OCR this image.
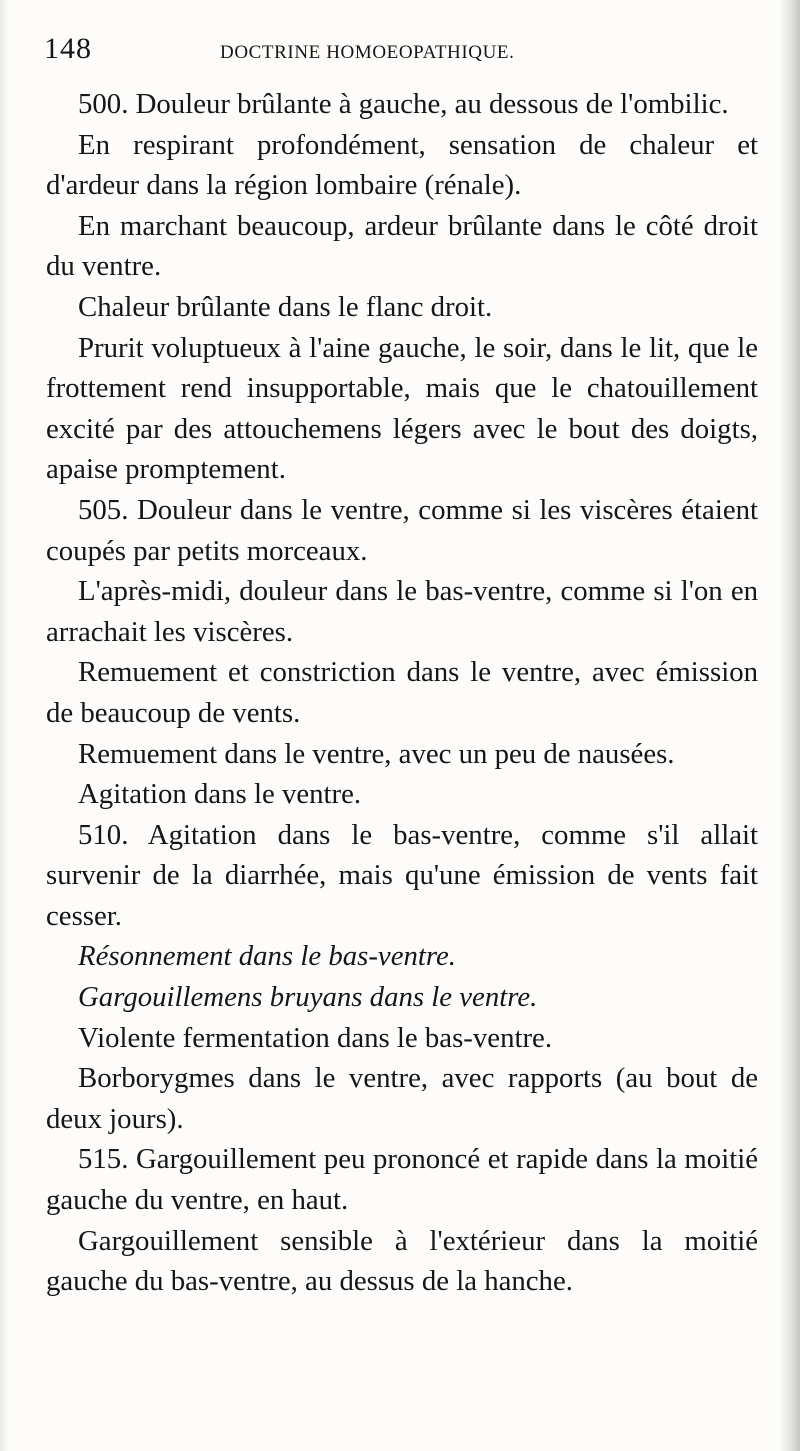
148	DOCTRINE HOMOEOPATHIQUE.

500. Douleur brûlante à gauche, au dessous de l'ombilic.

En respirant profondément, sensation de chaleur et d'ardeur dans la région lombaire (rénale).

En marchant beaucoup, ardeur brûlante dans le côté droit du ventre.

Chaleur brûlante dans le flanc droit.

Prurit voluptueux à l'aine gauche, le soir, dans le lit, que le frottement rend insupportable, mais que le chatouillement excité par des attouchemens légers avec le bout des doigts, apaise promptement.

505. Douleur dans le ventre, comme si les viscères étaient coupés par petits morceaux.

L'après-midi, douleur dans le bas-ventre, comme si l'on en arrachait les viscères.

Remuement et constriction dans le ventre, avec émission de beaucoup de vents.

Remuement dans le ventre, avec un peu de nausées.

Agitation dans le ventre.

510. Agitation dans le bas-ventre, comme s'il allait survenir de la diarrhée, mais qu'une émission de vents fait cesser.

Résonnement dans le bas-ventre.

Gargouillemens bruyans dans le ventre.

Violente fermentation dans le bas-ventre.

Borborygmes dans le ventre, avec rapports (au bout de deux jours).

515. Gargouillement peu prononcé et rapide dans la moitié gauche du ventre, en haut.

Gargouillement sensible à l'extérieur dans la moitié gauche du bas-ventre, au dessus de la hanche.
